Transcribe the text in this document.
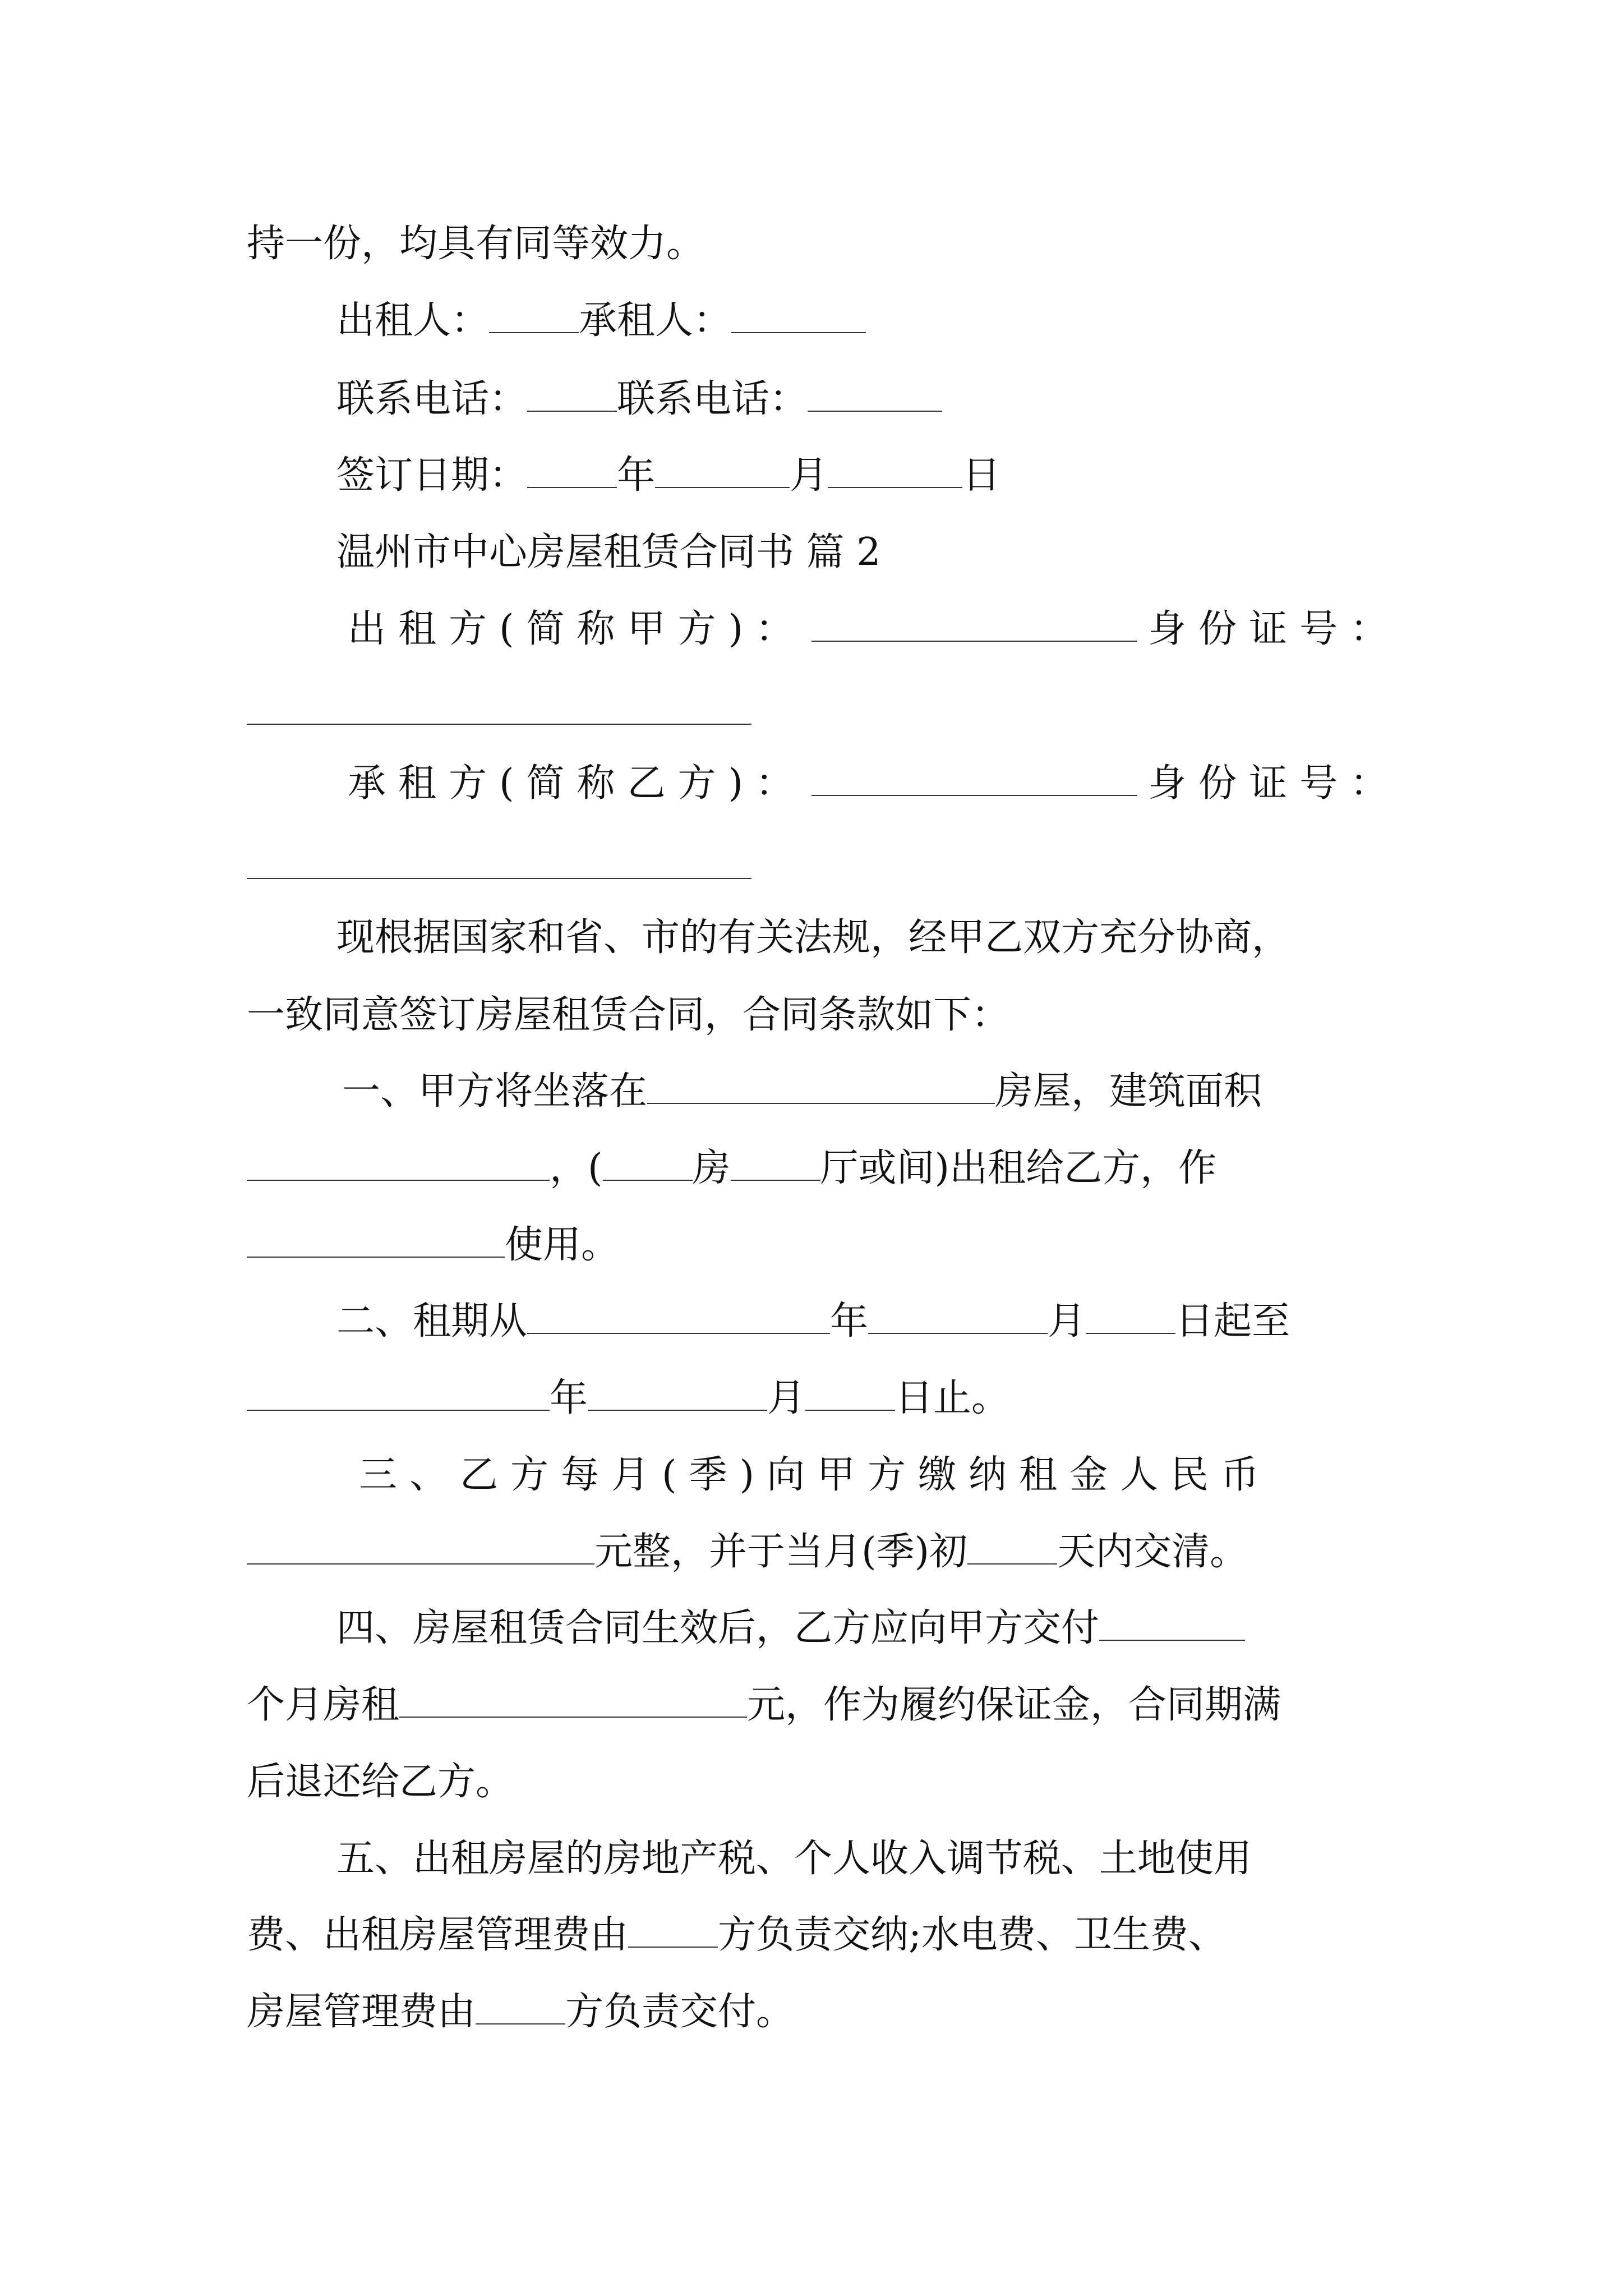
持一份，均具有同等效力。
出租人： 承租人：
联系电话： 联系电话：
签订日期： 年	月	日
温州市中心房屋租赁合同书 篇 2
出租方(简称甲方)：	身份证号：
承租方(简称乙方)：	身份证号：
现根据国家和省、市的有关法规，经甲乙双方充分协商，
一致同意签订房屋租赁合同，合同条款如下：
一、甲方将坐落在	房屋，建筑面积
，( 房 厅或间)出租给乙方，作
使用。
二、租期从	年	月 日起至
年	月 日止。
三、乙方每月(季)向甲方缴纳租金人民币
元整，并于当月(季)初 天内交清。
四、房屋租赁合同生效后，乙方应向甲方交付
个月房租	元，作为履约保证金，合同期满
后退还给乙方。
五、出租房屋的房地产税、个人收入调节税、土地使用
费、出租房屋管理费由 方负责交纳;水电费、卫生费、
房屋管理费由 方负责交付。
